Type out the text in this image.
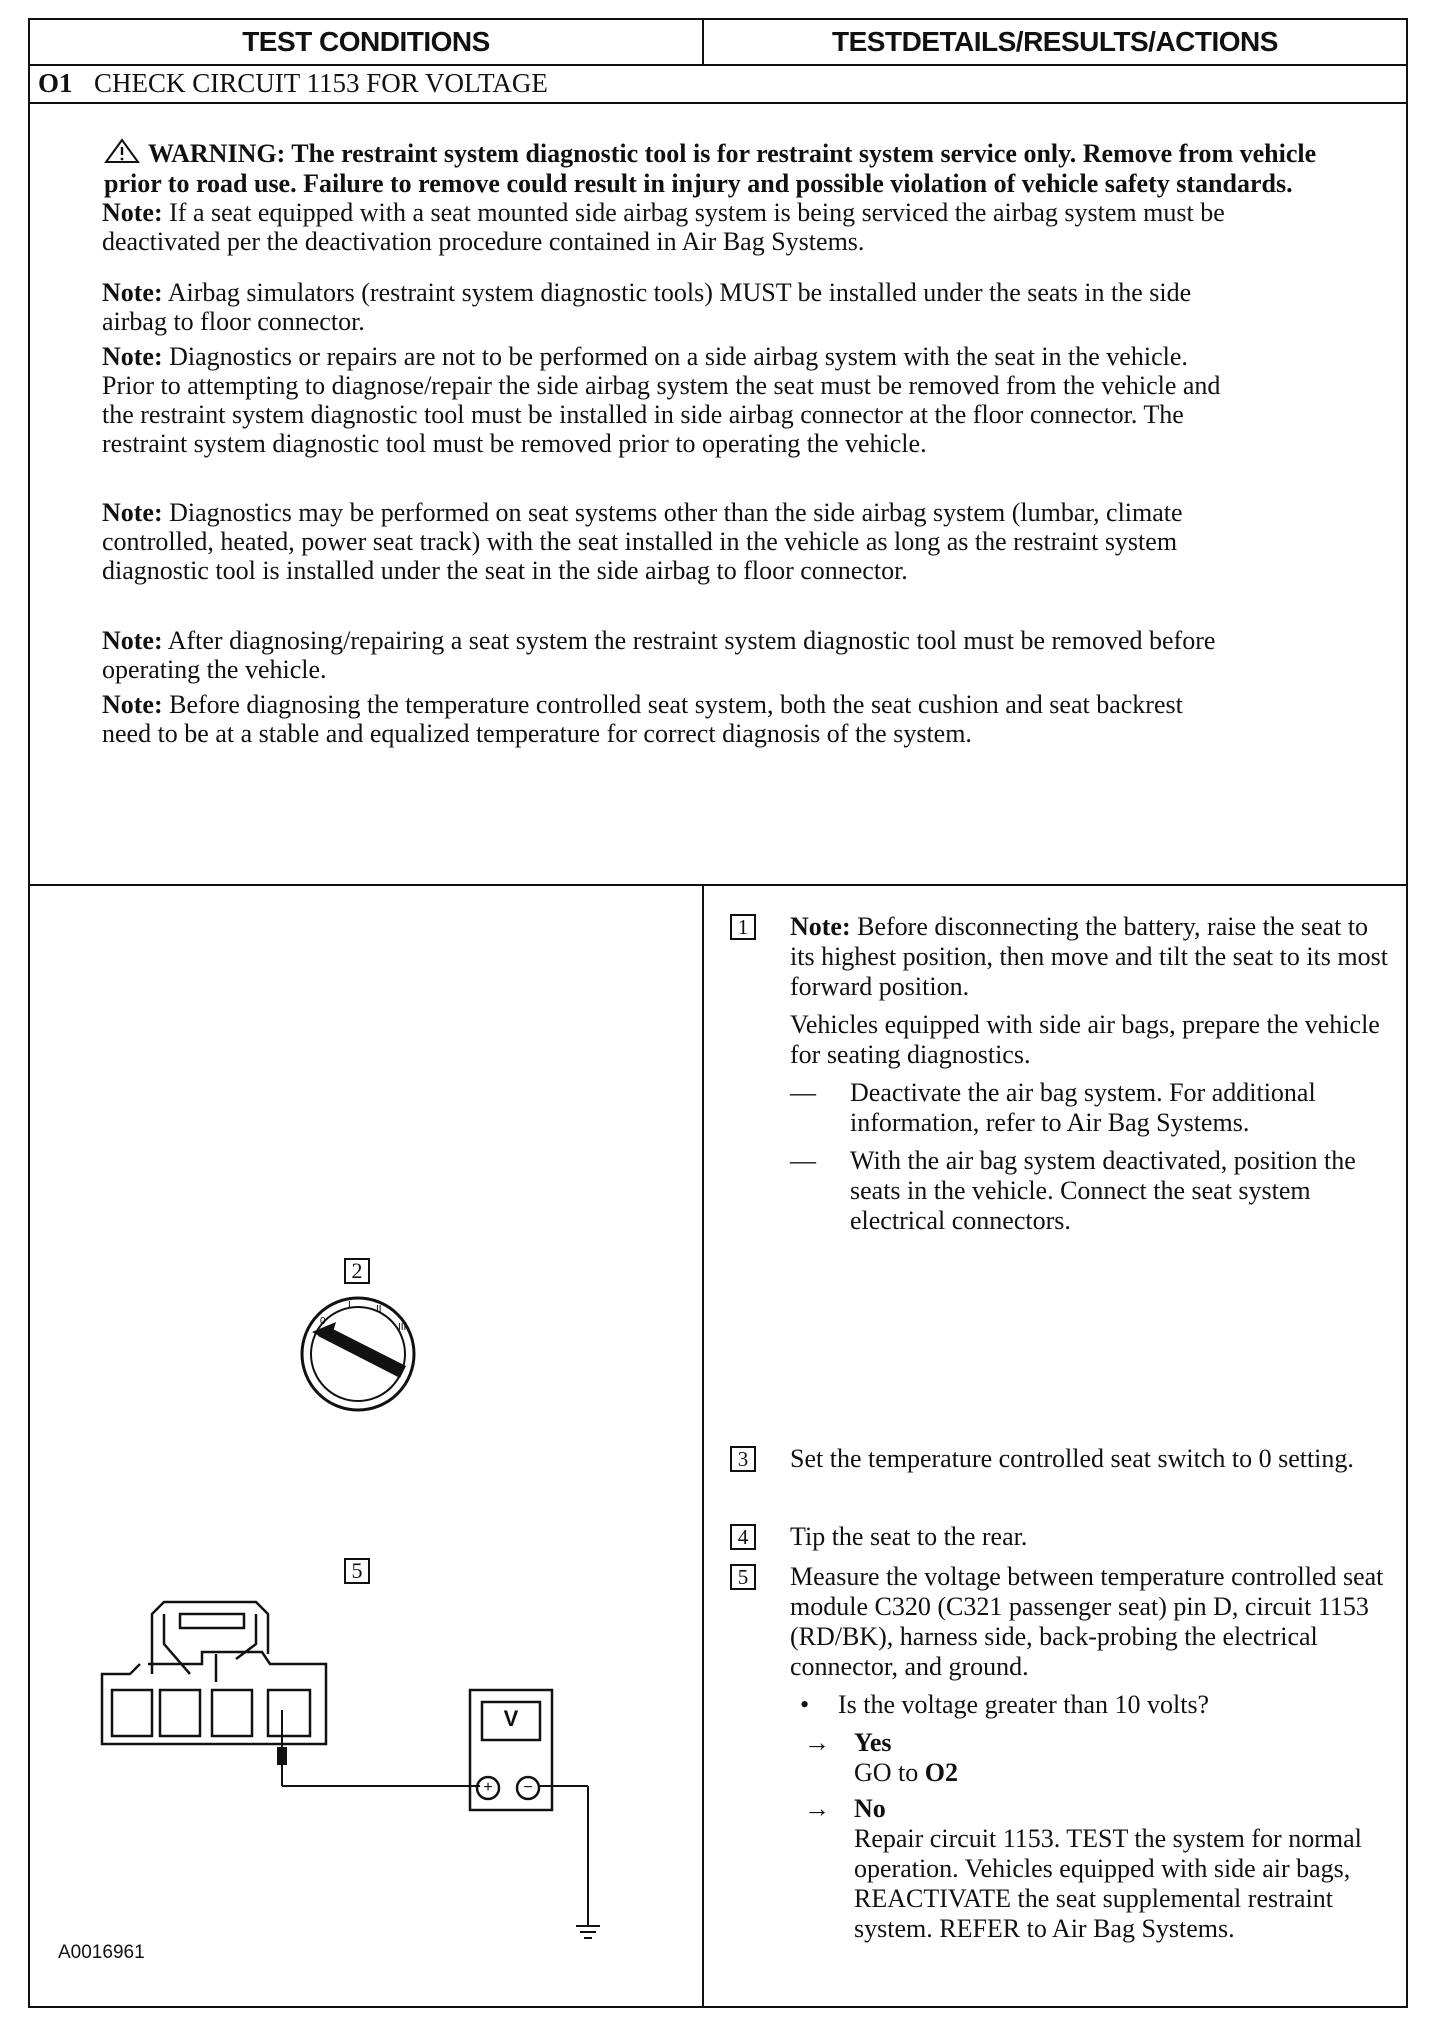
TEST CONDITIONS	TESTDETAILS/RESULTS/ACTIONS
O1 CHECK CIRCUIT 1153 FOR VOLTAGE
WARNING: The restraint system diagnostic tool is for restraint system service only. Remove from vehicle prior to road use. Failure to remove could result in injury and possible violation of vehicle safety standards.
Note: If a seat equipped with a seat mounted side airbag system is being serviced the airbag system must be deactivated per the deactivation procedure contained in Air Bag Systems.
Note: Airbag simulators (restraint system diagnostic tools) MUST be installed under the seats in the side airbag to floor connector.
Note: Diagnostics or repairs are not to be performed on a side airbag system with the seat in the vehicle. Prior to attempting to diagnose/repair the side airbag system the seat must be removed from the vehicle and the restraint system diagnostic tool must be installed in side airbag connector at the floor connector. The restraint system diagnostic tool must be removed prior to operating the vehicle.
Note: Diagnostics may be performed on seat systems other than the side airbag system (lumbar, climate controlled, heated, power seat track) with the seat installed in the vehicle as long as the restraint system diagnostic tool is installed under the seat in the side airbag to floor connector.
Note: After diagnosing/repairing a seat system the restraint system diagnostic tool must be removed before operating the vehicle.
Note: Before diagnosing the temperature controlled seat system, both the seat cushion and seat backrest need to be at a stable and equalized temperature for correct diagnosis of the system.
2
0
I	II
III
5
V
+	−
A0016961
1 Note: Before disconnecting the battery, raise the seat to its highest position, then move and tilt the seat to its most forward position.

Vehicles equipped with side air bags, prepare the vehicle for seating diagnostics.

— Deactivate the air bag system. For additional information, refer to Air Bag Systems.

— With the air bag system deactivated, position the seats in the vehicle. Connect the seat system electrical connectors.

3 Set the temperature controlled seat switch to 0 setting.
4 Tip the seat to the rear.
5 Measure the voltage between temperature controlled seat module C320 (C321 passenger seat) pin D, circuit 1153 (RD/BK), harness side, back-probing the electrical connector, and ground.

• Is the voltage greater than 10 volts?

→ Yes
GO to O2
→ No
Repair circuit 1153. TEST the system for normal operation. Vehicles equipped with side air bags, REACTIVATE the seat supplemental restraint system. REFER to Air Bag Systems.
